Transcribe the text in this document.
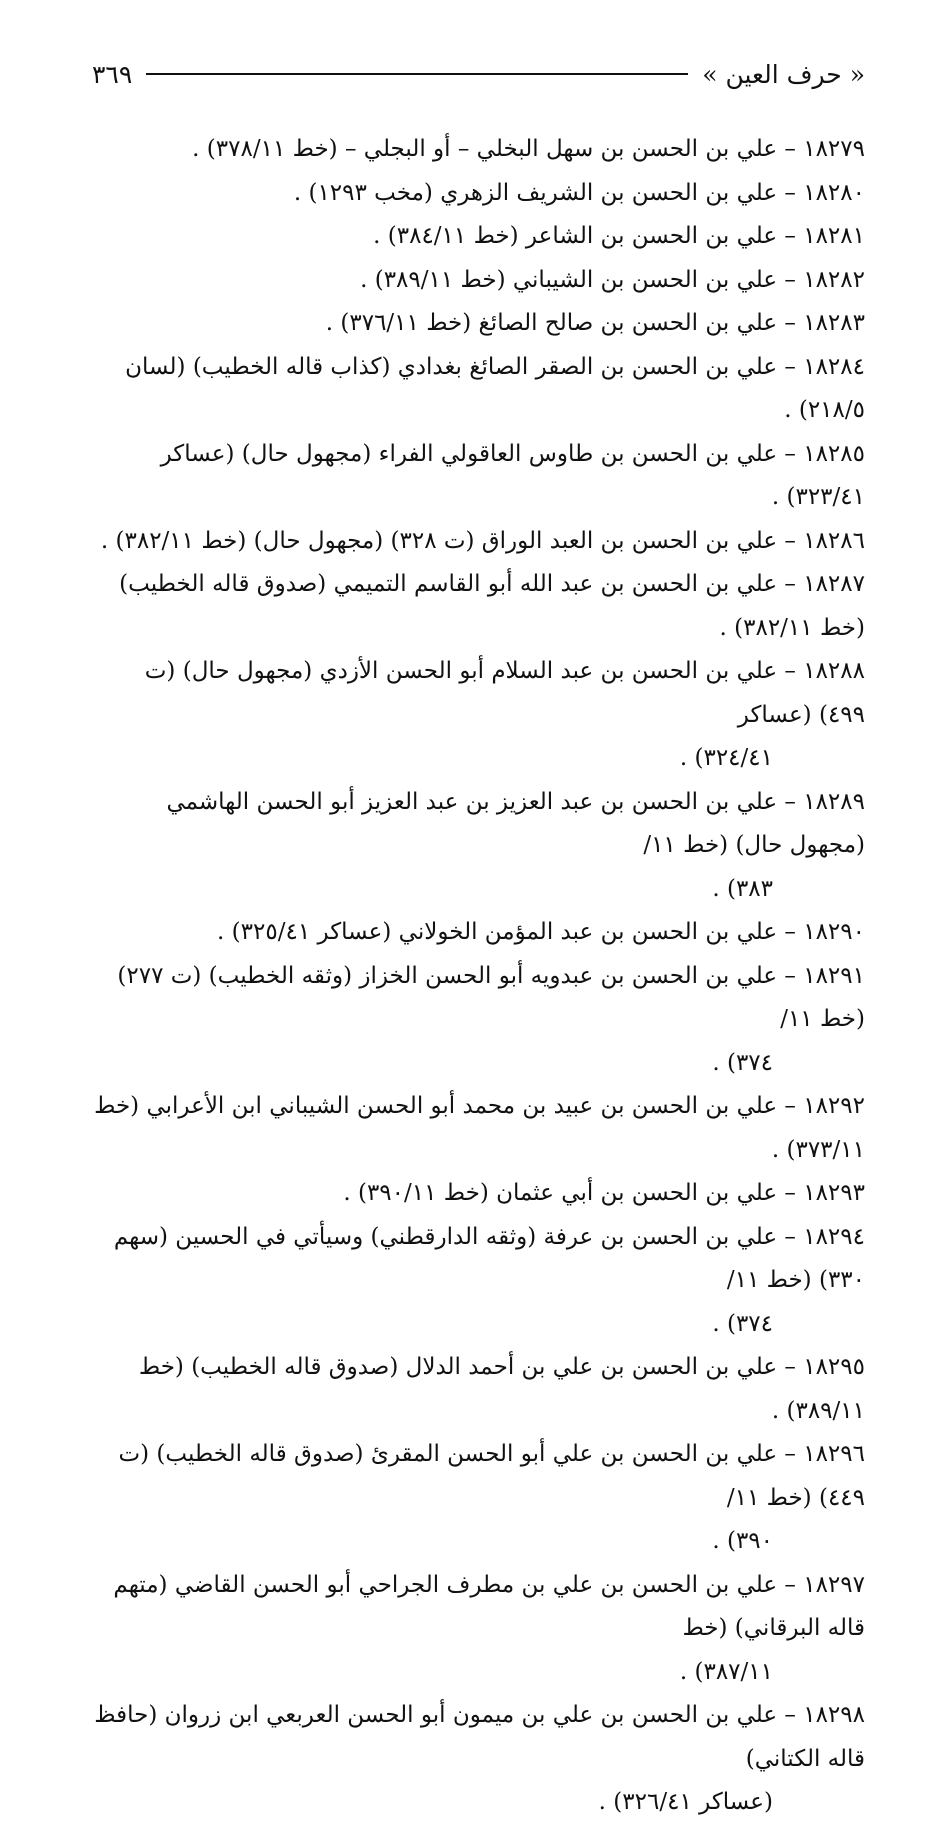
« حرف العين »
٣٦٩
١٨٢٧٩ – علي بن الحسن بن سهل البخلي – أو البجلي – (خط ٣٧٨/١١) .
١٨٢٨٠ – علي بن الحسن بن الشريف الزهري (مخب ١٢٩٣) .
١٨٢٨١ – علي بن الحسن بن الشاعر (خط ٣٨٤/١١) .
١٨٢٨٢ – علي بن الحسن بن الشيباني (خط ٣٨٩/١١) .
١٨٢٨٣ – علي بن الحسن بن صالح الصائغ (خط ٣٧٦/١١) .
١٨٢٨٤ – علي بن الحسن بن الصقر الصائغ بغدادي (كذاب قاله الخطيب) (لسان ٢١٨/٥) .
١٨٢٨٥ – علي بن الحسن بن طاوس العاقولي الفراء (مجهول حال) (عساكر ٣٢٣/٤١) .
١٨٢٨٦ – علي بن الحسن بن العبد الوراق (ت ٣٢٨) (مجهول حال) (خط ٣٨٢/١١) .
١٨٢٨٧ – علي بن الحسن بن عبد الله أبو القاسم التميمي (صدوق قاله الخطيب) (خط ٣٨٢/١١) .
١٨٢٨٨ – علي بن الحسن بن عبد السلام أبو الحسن الأزدي (مجهول حال) (ت ٤٩٩) (عساكر
٣٢٤/٤١) .
١٨٢٨٩ – علي بن الحسن بن عبد العزيز بن عبد العزيز أبو الحسن الهاشمي (مجهول حال) (خط ١١/
٣٨٣) .
١٨٢٩٠ – علي بن الحسن بن عبد المؤمن الخولاني (عساكر ٣٢٥/٤١) .
١٨٢٩١ – علي بن الحسن بن عبدويه أبو الحسن الخزاز (وثقه الخطيب) (ت ٢٧٧) (خط ١١/
٣٧٤) .
١٨٢٩٢ – علي بن الحسن بن عبيد بن محمد أبو الحسن الشيباني ابن الأعرابي (خط ٣٧٣/١١) .
١٨٢٩٣ – علي بن الحسن بن أبي عثمان (خط ٣٩٠/١١) .
١٨٢٩٤ – علي بن الحسن بن عرفة (وثقه الدارقطني) وسيأتي في الحسين (سهم ٣٣٠) (خط ١١/
٣٧٤) .
١٨٢٩٥ – علي بن الحسن بن علي بن أحمد الدلال (صدوق قاله الخطيب) (خط ٣٨٩/١١) .
١٨٢٩٦ – علي بن الحسن بن علي أبو الحسن المقرئ (صدوق قاله الخطيب) (ت ٤٤٩) (خط ١١/
٣٩٠) .
١٨٢٩٧ – علي بن الحسن بن علي بن مطرف الجراحي أبو الحسن القاضي (متهم قاله البرقاني) (خط
٣٨٧/١١) .
١٨٢٩٨ – علي بن الحسن بن علي بن ميمون أبو الحسن العربعي ابن زروان (حافظ قاله الكتاني)
(عساكر ٣٢٦/٤١) .
